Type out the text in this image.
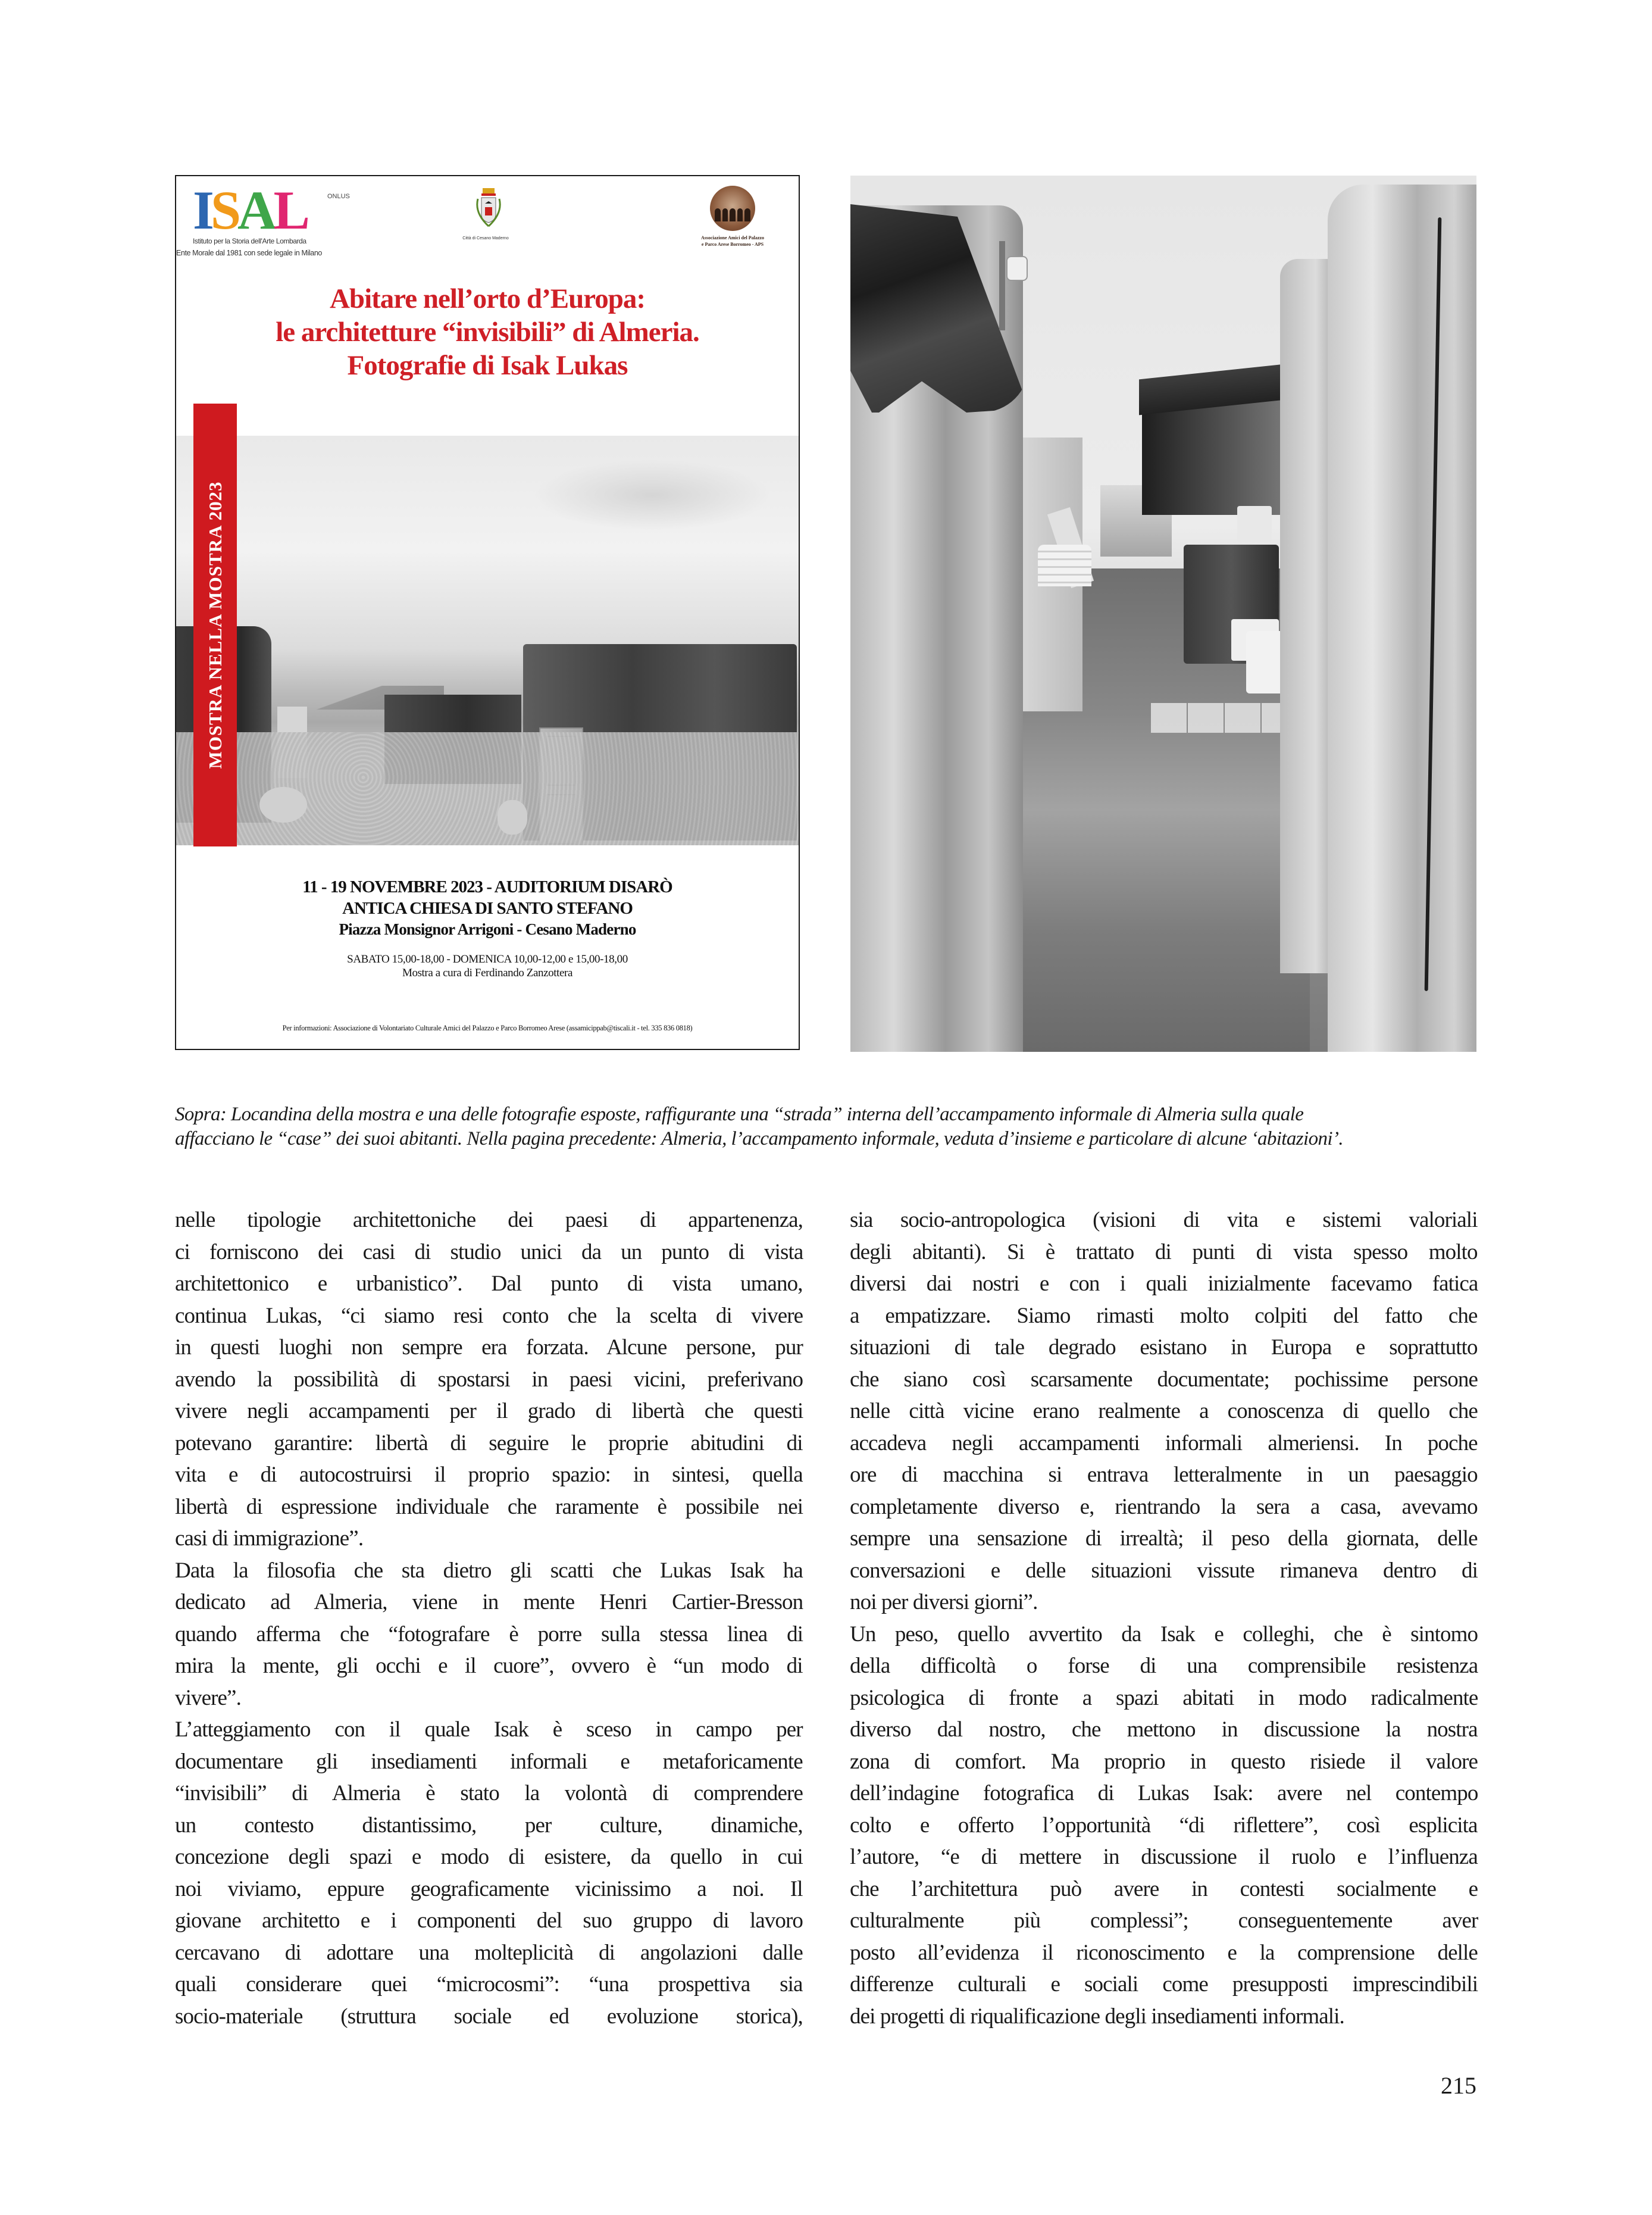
ISAL	ONLUS
Istituto per la Storia dell'Arte Lombarda
Ente Morale dal 1981 con sede legale in Milano
Città di Cesano Maderno	Associazione Amici del Palazzo
e Parco Arese Borromeo - APS
Abitare nell’orto d’Europa:
le architetture “invisibili” di Almeria.
Fotografie di Isak Lukas
MOSTRA NELLA MOSTRA 2023
11 - 19 NOVEMBRE 2023 - AUDITORIUM DISARÒ
ANTICA CHIESA DI SANTO STEFANO
Piazza Monsignor Arrigoni - Cesano Maderno
SABATO 15,00-18,00 - DOMENICA 10,00-12,00 e 15,00-18,00
Mostra a cura di Ferdinando Zanzottera
Per informazioni: Associazione di Volontariato Culturale Amici del Palazzo e Parco Borromeo Arese (assamicippab@tiscali.it - tel. 335 836 0818)
Sopra: Locandina della mostra e una delle fotografie esposte, raffigurante una “strada” interna dell’accampamento informale di Almeria sulla quale
affacciano le “case” dei suoi abitanti. Nella pagina precedente: Almeria, l’accampamento informale, veduta d’insieme e particolare di alcune ‘abitazioni’.
nelle tipologie architettoniche dei paesi di appartenenza,
ci forniscono dei casi di studio unici da un punto di vista
architettonico e urbanistico”. Dal punto di vista umano,
continua Lukas, “ci siamo resi conto che la scelta di vivere
in questi luoghi non sempre era forzata. Alcune persone, pur
avendo la possibilità di spostarsi in paesi vicini, preferivano
vivere negli accampamenti per il grado di libertà che questi
potevano garantire: libertà di seguire le proprie abitudini di
vita e di autocostruirsi il proprio spazio: in sintesi, quella
libertà di espressione individuale che raramente è possibile nei
casi di immigrazione”.
Data la filosofia che sta dietro gli scatti che Lukas Isak ha
dedicato ad Almeria, viene in mente Henri Cartier-Bresson
quando afferma che “fotografare è porre sulla stessa linea di
mira la mente, gli occhi e il cuore”, ovvero è “un modo di
vivere”.
L’atteggiamento con il quale Isak è sceso in campo per
documentare gli insediamenti informali e metaforicamente
“invisibili” di Almeria è stato la volontà di comprendere
un contesto distantissimo, per culture, dinamiche,
concezione degli spazi e modo di esistere, da quello in cui
noi viviamo, eppure geograficamente vicinissimo a noi. Il
giovane architetto e i componenti del suo gruppo di lavoro
cercavano di adottare una molteplicità di angolazioni dalle
quali considerare quei “microcosmi”: “una prospettiva sia
socio-materiale (struttura sociale ed evoluzione storica),
sia socio-antropologica (visioni di vita e sistemi valoriali
degli abitanti). Si è trattato di punti di vista spesso molto
diversi dai nostri e con i quali inizialmente facevamo fatica
a empatizzare. Siamo rimasti molto colpiti del fatto che
situazioni di tale degrado esistano in Europa e soprattutto
che siano così scarsamente documentate; pochissime persone
nelle città vicine erano realmente a conoscenza di quello che
accadeva negli accampamenti informali almeriensi. In poche
ore di macchina si entrava letteralmente in un paesaggio
completamente diverso e, rientrando la sera a casa, avevamo
sempre una sensazione di irrealtà; il peso della giornata, delle
conversazioni e delle situazioni vissute rimaneva dentro di
noi per diversi giorni”.
Un peso, quello avvertito da Isak e colleghi, che è sintomo
della difficoltà o forse di una comprensibile resistenza
psicologica di fronte a spazi abitati in modo radicalmente
diverso dal nostro, che mettono in discussione la nostra
zona di comfort. Ma proprio in questo risiede il valore
dell’indagine fotografica di Lukas Isak: avere nel contempo
colto e offerto l’opportunità “di riflettere”, così esplicita
l’autore, “e di mettere in discussione il ruolo e l’influenza
che l’architettura può avere in contesti socialmente e
culturalmente più complessi”; conseguentemente aver
posto all’evidenza il riconoscimento e la comprensione delle
differenze culturali e sociali come presupposti imprescindibili
dei progetti di riqualificazione degli insediamenti informali.
215
